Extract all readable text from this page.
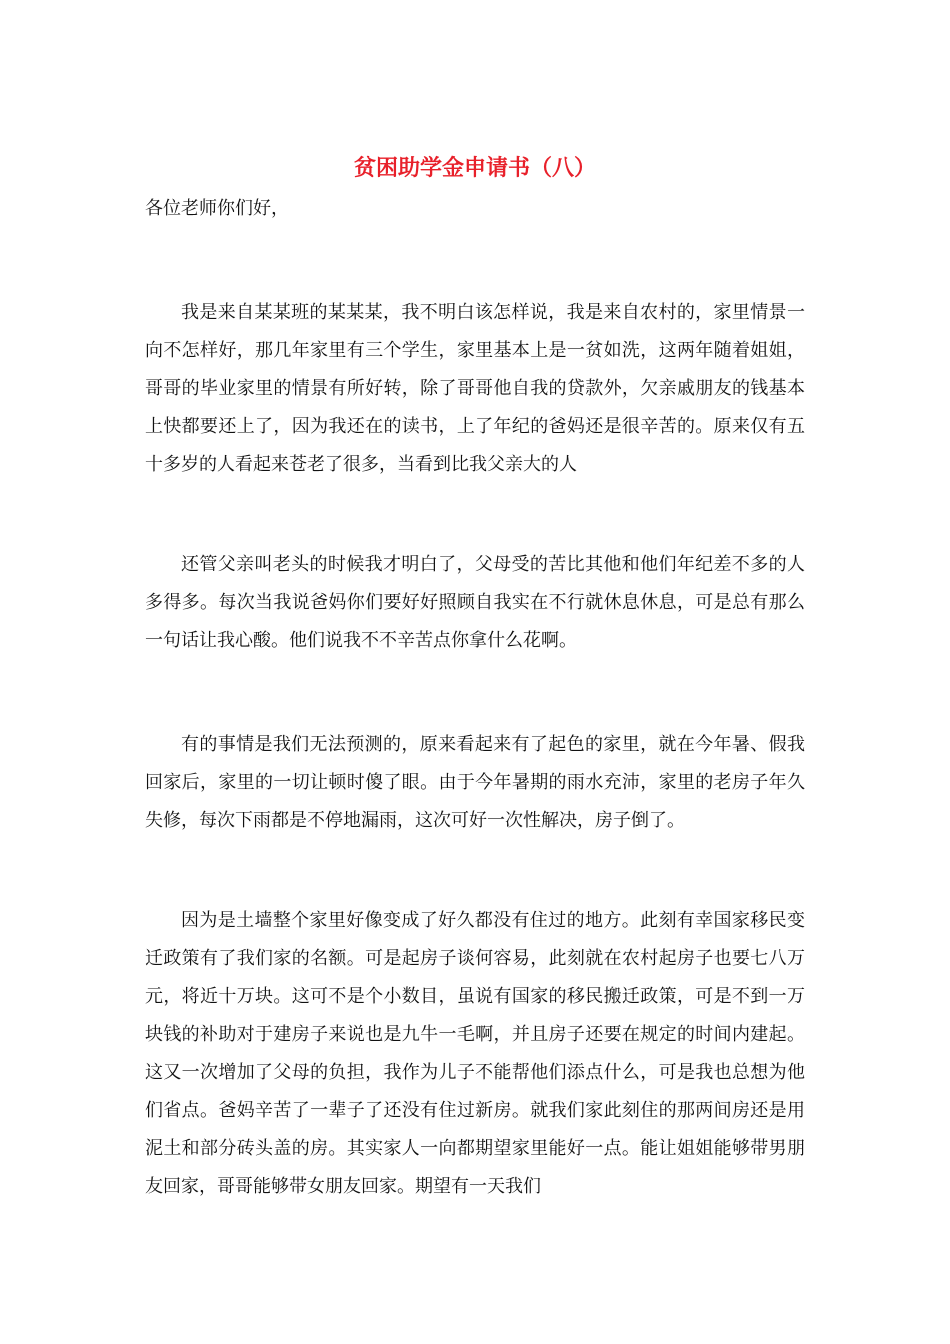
贫困助学金申请书（八）

各位老师你们好，

我是来自某某班的某某某，我不明白该怎样说，我是来自农村的，家里情景一向不怎样好，那几年家里有三个学生，家里基本上是一贫如洗，这两年随着姐姐，哥哥的毕业家里的情景有所好转，除了哥哥他自我的贷款外，欠亲戚朋友的钱基本上快都要还上了，因为我还在的读书，上了年纪的爸妈还是很辛苦的。原来仅有五十多岁的人看起来苍老了很多，当看到比我父亲大的人

还管父亲叫老头的时候我才明白了，父母受的苦比其他和他们年纪差不多的人多得多。每次当我说爸妈你们要好好照顾自我实在不行就休息休息，可是总有那么一句话让我心酸。他们说我不不辛苦点你拿什么花啊。

有的事情是我们无法预测的，原来看起来有了起色的家里，就在今年暑、假我回家后，家里的一切让顿时傻了眼。由于今年暑期的雨水充沛，家里的老房子年久失修，每次下雨都是不停地漏雨，这次可好一次性解决，房子倒了。

因为是土墙整个家里好像变成了好久都没有住过的地方。此刻有幸国家移民变迁政策有了我们家的名额。可是起房子谈何容易，此刻就在农村起房子也要七八万元，将近十万块。这可不是个小数目，虽说有国家的移民搬迁政策，可是不到一万块钱的补助对于建房子来说也是九牛一毛啊，并且房子还要在规定的时间内建起。这又一次增加了父母的负担，我作为儿子不能帮他们添点什么，可是我也总想为他们省点。爸妈辛苦了一辈子了还没有住过新房。就我们家此刻住的那两间房还是用泥土和部分砖头盖的房。其实家人一向都期望家里能好一点。能让姐姐能够带男朋友回家，哥哥能够带女朋友回家。期望有一天我们
